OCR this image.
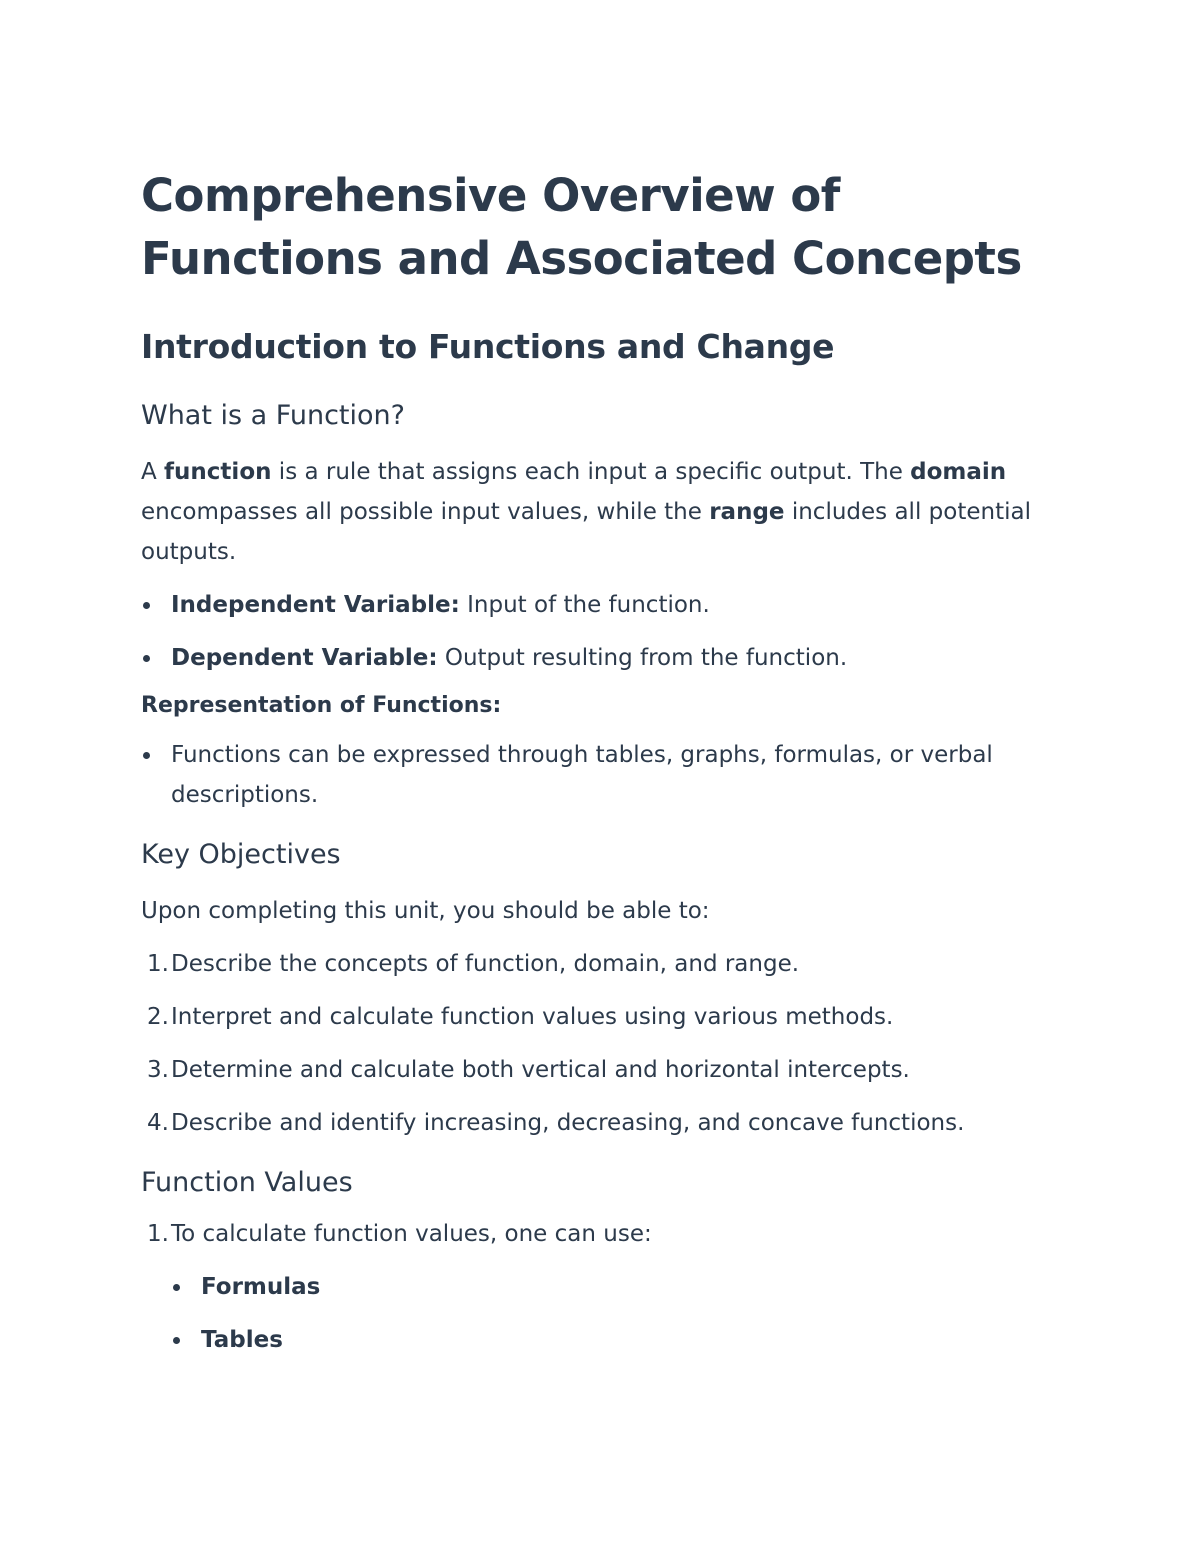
Comprehensive Overview of Functions and Associated Concepts
Introduction to Functions and Change
What is a Function?

A function is a rule that assigns each input a specific output. The domain encompasses all possible input values, while the range includes all potential outputs.

Independent Variable: Input of the function.
Dependent Variable: Output resulting from the function.

Representation of Functions:

Functions can be expressed through tables, graphs, formulas, or verbal descriptions.
Key Objectives

Upon completing this unit, you should be able to:

1. Describe the concepts of function, domain, and range.
2. Interpret and calculate function values using various methods.
3. Determine and calculate both vertical and horizontal intercepts.
4. Describe and identify increasing, decreasing, and concave functions.
Function Values
1. To calculate function values, one can use:
Formulas
Tables
